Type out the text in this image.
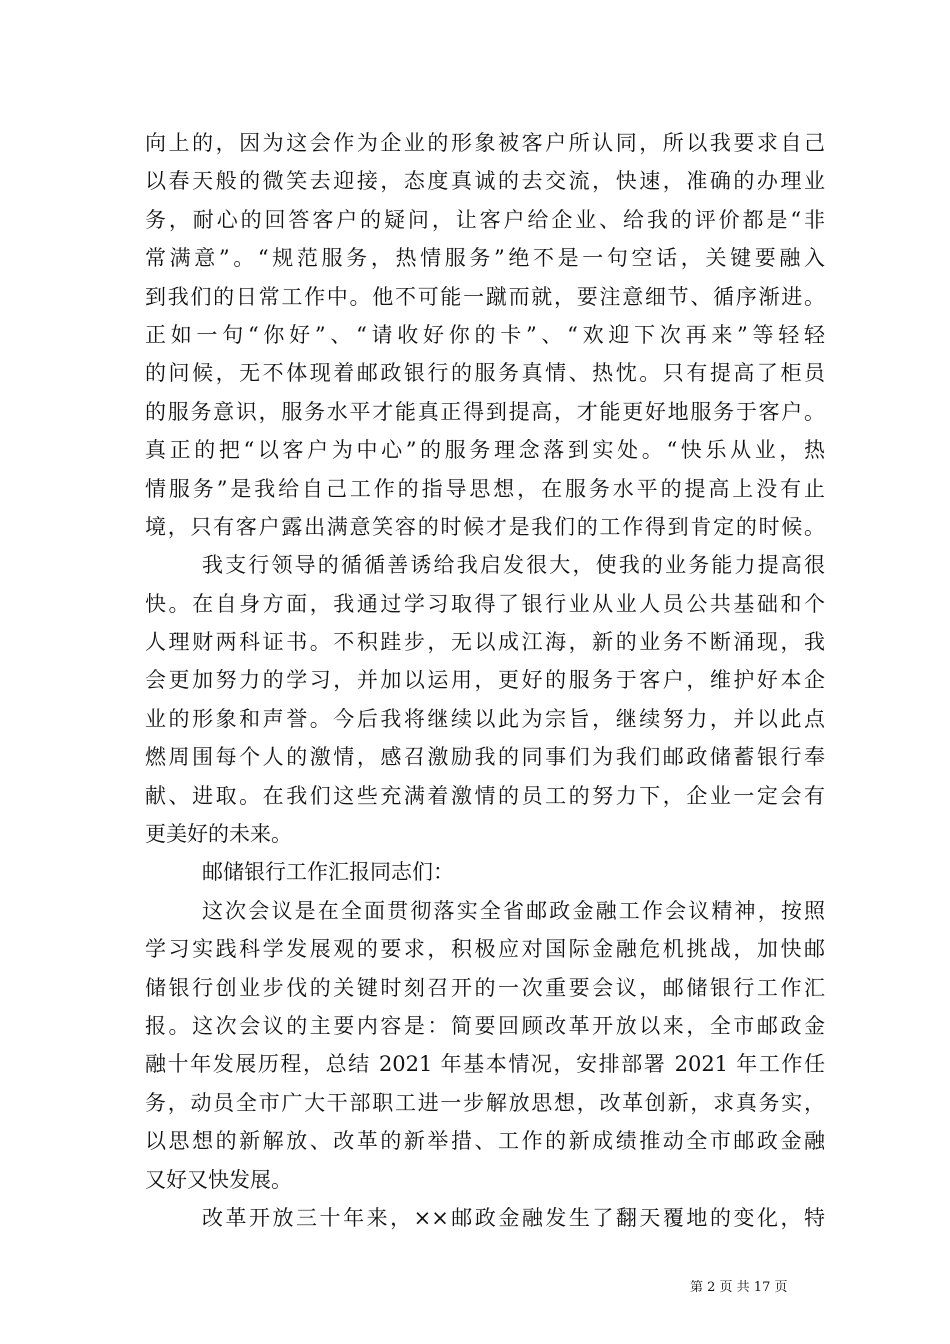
向上的，因为这会作为企业的形象被客户所认同，所以我要求自己
以春天般的微笑去迎接，态度真诚的去交流，快速，准确的办理业
务，耐心的回答客户的疑问，让客户给企业、给我的评价都是“非
常满意”。“规范服务，热情服务”绝不是一句空话，关键要融入
到我们的日常工作中。他不可能一蹴而就，要注意细节、循序渐进。
正如一句“你好”、“请收好你的卡”、“欢迎下次再来”等轻轻
的问候，无不体现着邮政银行的服务真情、热忱。只有提高了柜员
的服务意识，服务水平才能真正得到提高，才能更好地服务于客户。
真正的把“以客户为中心”的服务理念落到实处。“快乐从业，热
情服务”是我给自己工作的指导思想，在服务水平的提高上没有止
境，只有客户露出满意笑容的时候才是我们的工作得到肯定的时候。
我支行领导的循循善诱给我启发很大，使我的业务能力提高很
快。在自身方面，我通过学习取得了银行业从业人员公共基础和个
人理财两科证书。不积跬步，无以成江海，新的业务不断涌现，我
会更加努力的学习，并加以运用，更好的服务于客户，维护好本企
业的形象和声誉。今后我将继续以此为宗旨，继续努力，并以此点
燃周围每个人的激情，感召激励我的同事们为我们邮政储蓄银行奉
献、进取。在我们这些充满着激情的员工的努力下，企业一定会有
更美好的未来。
邮储银行工作汇报同志们：
这次会议是在全面贯彻落实全省邮政金融工作会议精神，按照
学习实践科学发展观的要求，积极应对国际金融危机挑战，加快邮
储银行创业步伐的关键时刻召开的一次重要会议，邮储银行工作汇
报。这次会议的主要内容是：简要回顾改革开放以来，全市邮政金
融十年发展历程，总结 2021 年基本情况，安排部署 2021 年工作任
务，动员全市广大干部职工进一步解放思想，改革创新，求真务实，
以思想的新解放、改革的新举措、工作的新成绩推动全市邮政金融
又好又快发展。
改革开放三十年来，××邮政金融发生了翻天覆地的变化，特
第 2 页 共 17 页
